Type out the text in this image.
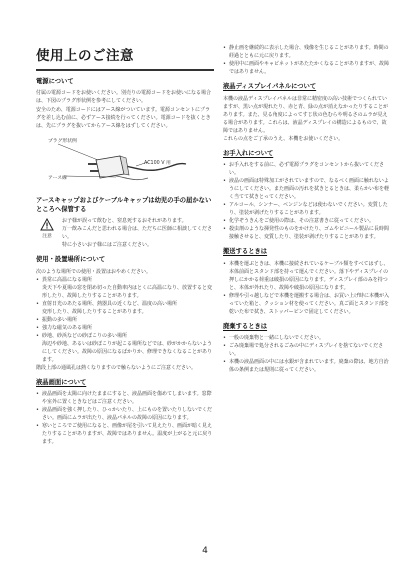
使用上のご注意
電源について

付属の電源コードをお使いください。別売りの電源コードをお使いになる場合は、下図のプラグ形状例を参考にしてください。

安全のため、電源コードにはアース線がついています。電源コンセントにプラグを差し込む前に、必ずアース接続を行ってください。電源コードを抜くときは、先にプラグを抜いてからアース線をはずしてください。

プラグ形状例
アース線
AC100 V 用
アースキャップおよびケーブルキャップは幼児の手の届かないところへ保管する
注意

お子様が誤って飲むと、窒息死するおそれがあります。

万一飲みこんだと思われる場合は、ただちに医師に相談してください。

特に小さいお子様にはご注意ください。

使用・設置場所について

次のような場所での使用・設置はおやめください。

• 異常に高温になる場所
炎天下や夏場の窓を閉め切った自動車内はとくに高温になり、放置すると変形したり、故障したりすることがあります。
• 直射日光のあたる場所、熱器具の近くなど、温度の高い場所
変形したり、故障したりすることがあります。
• 振動の多い場所
• 強力な磁気のある場所
• 砂地、砂浜などの砂ぼこりの多い場所
海辺や砂地、あるいは砂ぼこりが起こる場所などでは、砂がかからないようにしてください。故障の原因になるばかりか、修理できなくなることがあります。

階段上部の通風孔は熱くなりますので触らないようにご注意ください。

液晶画面について
• 液晶画面を太陽に向けたままにすると、液晶画面を傷めてしまいます。窓際や室外に置くときなどはご注意ください。
• 液晶画面を強く押したり、ひっかいたり、上にものを置いたりしないでください。画面にムラが出たり、液晶パネルの故障の原因になります。
• 寒いところでご使用になると、画像が尾を引いて見えたり、画面が暗く見えたりすることがありますが、故障ではありません。温度が上がると元に戻ります。
• 静止画を継続的に表示した場合、残像を生じることがあります。時間の経過とともに元に戻ります。
• 使用中に画面やキャビネットがあたたかくなることがありますが、故障ではありません。
液晶ディスプレイパネルについて

本機の液晶ディスプレイパネルは非常に精密度の高い技術でつくられていますが、黒い点が現れたり、赤と青、緑の点が消えなかったりすることがあります。また、見る角度によってすじ状の色むらや明るさのムラが見える場合があります。これらは、液晶ディスプレイの構造によるもので、故障ではありません。

これらの点をご了承のうえ、本機をお使いください。

お手入れについて
• お手入れをする前に、必ず電源プラグをコンセントから抜いてください。
• 液晶の画面は特殊加工がされていますので、なるべく画面に触れないようにしてください。また画面の汚れを拭きとるときは、柔らかい布を軽く当てて拭きとってください。
• アルコール、シンナー、ベンジンなどは使わないでください。変質したり、塗装が剥げたりすることがあります。
• 化学ぞうきんをご使用の際は、その注意書きに従ってください。
• 殺虫剤のような揮発性のものをかけたり、ゴムやビニール製品に長時間接触させると、変質したり、塗装が剥げたりすることがあります。
搬送するときは
• 本機を運ぶときは、本機に接続されているケーブル類をすべてはずし、本体前面とスタンド部を持って運んでください。落下やディスプレイの押しにかかる荷重は破損の原因になります。ディスプレイ部のみを持つと、本体が外れたり、故障や破損の原因になります。
• 修理や引っ越しなどで本機を運搬する場合は、お買い上げ時に本機が入っていた箱と、クッション材を使ってください。真ご面とスタンド部を乾いた布で拭き、ストッパーピンで固定してください。
廃棄するときは
• 一般の廃棄物と一緒にしないでください。
• ごみ廃棄場で処分されるごみの中にディスプレイを捨てないでください。
• 本機の液晶画面の中には水銀が含まれています。廃棄の際は、地方自治体の条例または規則に従ってください。
4
